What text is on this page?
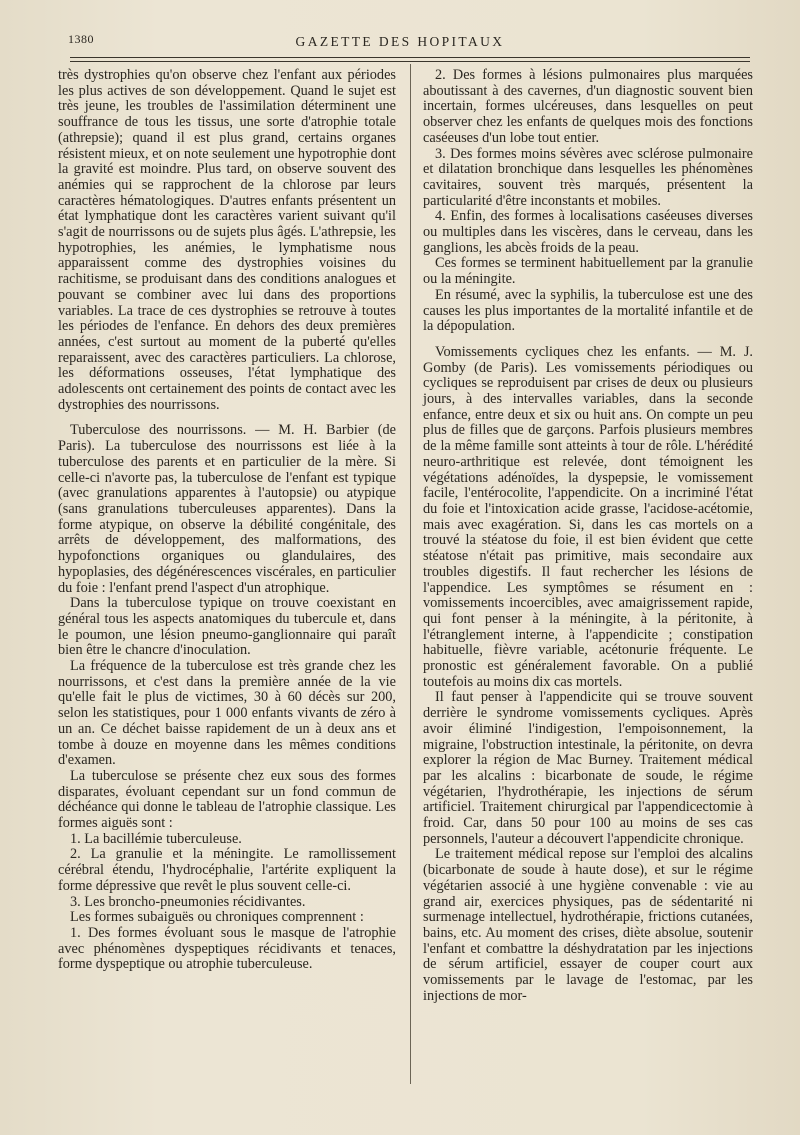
1380	GAZETTE DES HOPITAUX

très dystrophies qu'on observe chez l'enfant aux périodes les plus actives de son développement. Quand le sujet est très jeune, les troubles de l'assimilation déterminent une souffrance de tous les tissus, une sorte d'atrophie totale (athrepsie); quand il est plus grand, certains organes résistent mieux, et on note seulement une hypotrophie dont la gravité est moindre. Plus tard, on observe souvent des anémies qui se rapprochent de la chlorose par leurs caractères hématologiques. D'autres enfants présentent un état lymphatique dont les caractères varient suivant qu'il s'agit de nourrissons ou de sujets plus âgés. L'athrepsie, les hypotrophies, les anémies, le lymphatisme nous apparaissent comme des dystrophies voisines du rachitisme, se produisant dans des conditions analogues et pouvant se combiner avec lui dans des proportions variables. La trace de ces dystrophies se retrouve à toutes les périodes de l'enfance. En dehors des deux premières années, c'est surtout au moment de la puberté qu'elles reparaissent, avec des caractères particuliers. La chlorose, les déformations osseuses, l'état lymphatique des adolescents ont certainement des points de contact avec les dystrophies des nourrissons.

Tuberculose des nourrissons. — M. H. Barbier (de Paris). La tuberculose des nourrissons est liée à la tuberculose des parents et en particulier de la mère. Si celle-ci n'avorte pas, la tuberculose de l'enfant est typique (avec granulations apparentes à l'autopsie) ou atypique (sans granulations tuberculeuses apparentes). Dans la forme atypique, on observe la débilité congénitale, des arrêts de développement, des malformations, des hypofonctions organiques ou glandulaires, des hypoplasies, des dégénérescences viscérales, en particulier du foie : l'enfant prend l'aspect d'un atrophique.

Dans la tuberculose typique on trouve coexistant en général tous les aspects anatomiques du tubercule et, dans le poumon, une lésion pneumo-ganglionnaire qui paraît bien être le chancre d'inoculation.

La fréquence de la tuberculose est très grande chez les nourrissons, et c'est dans la première année de la vie qu'elle fait le plus de victimes, 30 à 60 décès sur 200, selon les statistiques, pour 1 000 enfants vivants de zéro à un an. Ce déchet baisse rapidement de un à deux ans et tombe à douze en moyenne dans les mêmes conditions d'examen.

La tuberculose se présente chez eux sous des formes disparates, évoluant cependant sur un fond commun de déchéance qui donne le tableau de l'atrophie classique. Les formes aiguës sont :

1. La bacillémie tuberculeuse.

2. La granulie et la méningite. Le ramollissement cérébral étendu, l'hydrocéphalie, l'artérite expliquent la forme dépressive que revêt le plus souvent celle-ci.

3. Les broncho-pneumonies récidivantes.

Les formes subaiguës ou chroniques comprennent :

1. Des formes évoluant sous le masque de l'atrophie avec phénomènes dyspeptiques récidivants et tenaces, forme dyspeptique ou atrophie tuberculeuse.

2. Des formes à lésions pulmonaires plus marquées aboutissant à des cavernes, d'un diagnostic souvent bien incertain, formes ulcéreuses, dans lesquelles on peut observer chez les enfants de quelques mois des fonctions caséeuses d'un lobe tout entier.

3. Des formes moins sévères avec sclérose pulmonaire et dilatation bronchique dans lesquelles les phénomènes cavitaires, souvent très marqués, présentent la particularité d'être inconstants et mobiles.

4. Enfin, des formes à localisations caséeuses diverses ou multiples dans les viscères, dans le cerveau, dans les ganglions, les abcès froids de la peau.

Ces formes se terminent habituellement par la granulie ou la méningite.

En résumé, avec la syphilis, la tuberculose est une des causes les plus importantes de la mortalité infantile et de la dépopulation.

Vomissements cycliques chez les enfants. — M. J. Gomby (de Paris). Les vomissements périodiques ou cycliques se reproduisent par crises de deux ou plusieurs jours, à des intervalles variables, dans la seconde enfance, entre deux et six ou huit ans. On compte un peu plus de filles que de garçons. Parfois plusieurs membres de la même famille sont atteints à tour de rôle. L'hérédité neuro-arthritique est relevée, dont témoignent les végétations adénoïdes, la dyspepsie, le vomissement facile, l'entérocolite, l'appendicite. On a incriminé l'état du foie et l'intoxication acide grasse, l'acidose-acétomie, mais avec exagération. Si, dans les cas mortels on a trouvé la stéatose du foie, il est bien évident que cette stéatose n'était pas primitive, mais secondaire aux troubles digestifs. Il faut rechercher les lésions de l'appendice. Les symptômes se résument en : vomissements incoercibles, avec amaigrissement rapide, qui font penser à la méningite, à la péritonite, à l'étranglement interne, à l'appendicite ; constipation habituelle, fièvre variable, acétonurie fréquente. Le pronostic est généralement favorable. On a publié toutefois au moins dix cas mortels.

Il faut penser à l'appendicite qui se trouve souvent derrière le syndrome vomissements cycliques. Après avoir éliminé l'indigestion, l'empoisonnement, la migraine, l'obstruction intestinale, la péritonite, on devra explorer la région de Mac Burney. Traitement médical par les alcalins : bicarbonate de soude, le régime végétarien, l'hydrothérapie, les injections de sérum artificiel. Traitement chirurgical par l'appendicectomie à froid. Car, dans 50 pour 100 au moins de ses cas personnels, l'auteur a découvert l'appendicite chronique.

Le traitement médical repose sur l'emploi des alcalins (bicarbonate de soude à haute dose), et sur le régime végétarien associé à une hygiène convenable : vie au grand air, exercices physiques, pas de sédentarité ni surmenage intellectuel, hydrothérapie, frictions cutanées, bains, etc. Au moment des crises, diète absolue, soutenir l'enfant et combattre la déshydratation par les injections de sérum artificiel, essayer de couper court aux vomissements par le lavage de l'estomac, par les injections de mor-
